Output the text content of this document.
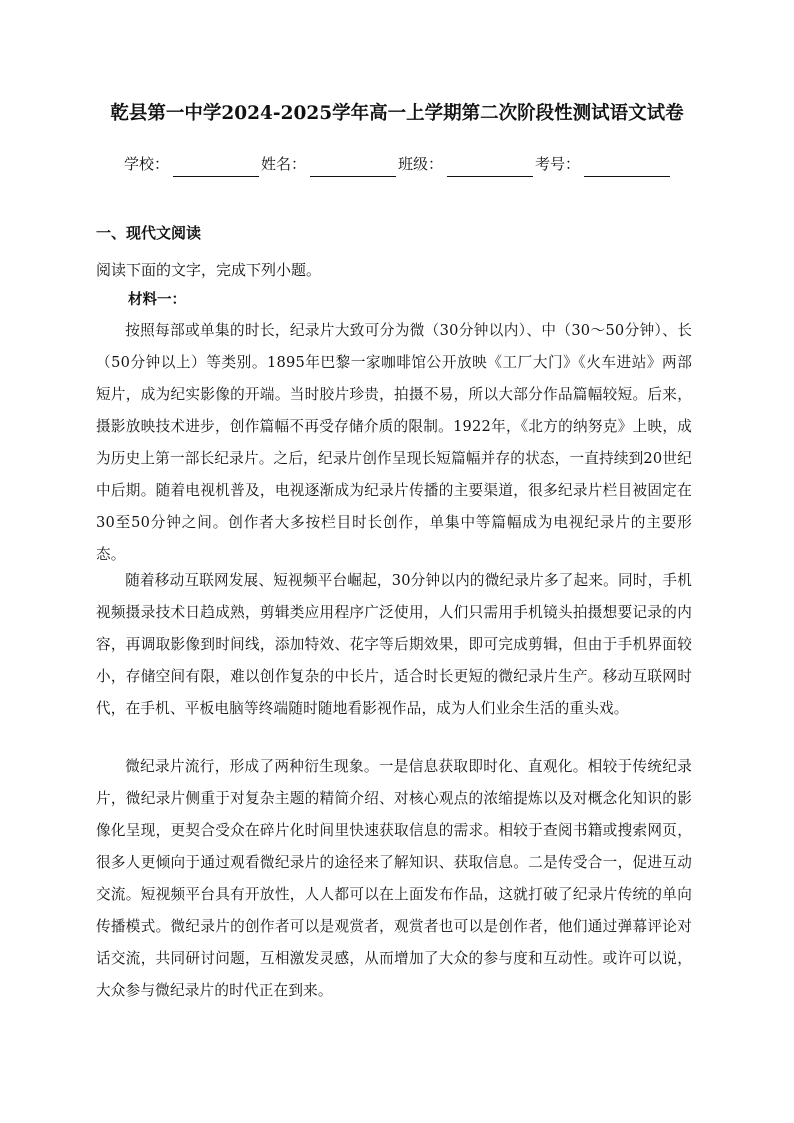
乾县第一中学2024-2025学年高一上学期第二次阶段性测试语文试卷
学校：	姓名：	班级：	考号：
一、现代文阅读
阅读下面的文字，完成下列小题。
材料一：

按照每部或单集的时长，纪录片大致可分为微（30分钟以内）、中（30～50分钟）、长（50分钟以上）等类别。1895年巴黎一家咖啡馆公开放映《工厂大门》《火车进站》两部短片，成为纪实影像的开端。当时胶片珍贵，拍摄不易，所以大部分作品篇幅较短。后来，摄影放映技术进步，创作篇幅不再受存储介质的限制。1922年，《北方的纳努克》上映，成为历史上第一部长纪录片。之后，纪录片创作呈现长短篇幅并存的状态，一直持续到20世纪中后期。随着电视机普及，电视逐渐成为纪录片传播的主要渠道，很多纪录片栏目被固定在30至50分钟之间。创作者大多按栏目时长创作，单集中等篇幅成为电视纪录片的主要形态。

随着移动互联网发展、短视频平台崛起，30分钟以内的微纪录片多了起来。同时，手机视频摄录技术日趋成熟，剪辑类应用程序广泛使用，人们只需用手机镜头拍摄想要记录的内容，再调取影像到时间线，添加特效、花字等后期效果，即可完成剪辑，但由于手机界面较小，存储空间有限，难以创作复杂的中长片，适合时长更短的微纪录片生产。移动互联网时代，在手机、平板电脑等终端随时随地看影视作品，成为人们业余生活的重头戏。

微纪录片流行，形成了两种衍生现象。一是信息获取即时化、直观化。相较于传统纪录片，微纪录片侧重于对复杂主题的精简介绍、对核心观点的浓缩提炼以及对概念化知识的影像化呈现，更契合受众在碎片化时间里快速获取信息的需求。相较于查阅书籍或搜索网页，很多人更倾向于通过观看微纪录片的途径来了解知识、获取信息。二是传受合一，促进互动交流。短视频平台具有开放性，人人都可以在上面发布作品，这就打破了纪录片传统的单向传播模式。微纪录片的创作者可以是观赏者，观赏者也可以是创作者，他们通过弹幕评论对话交流，共同研讨问题，互相激发灵感，从而增加了大众的参与度和互动性。或许可以说，大众参与微纪录片的时代正在到来。
